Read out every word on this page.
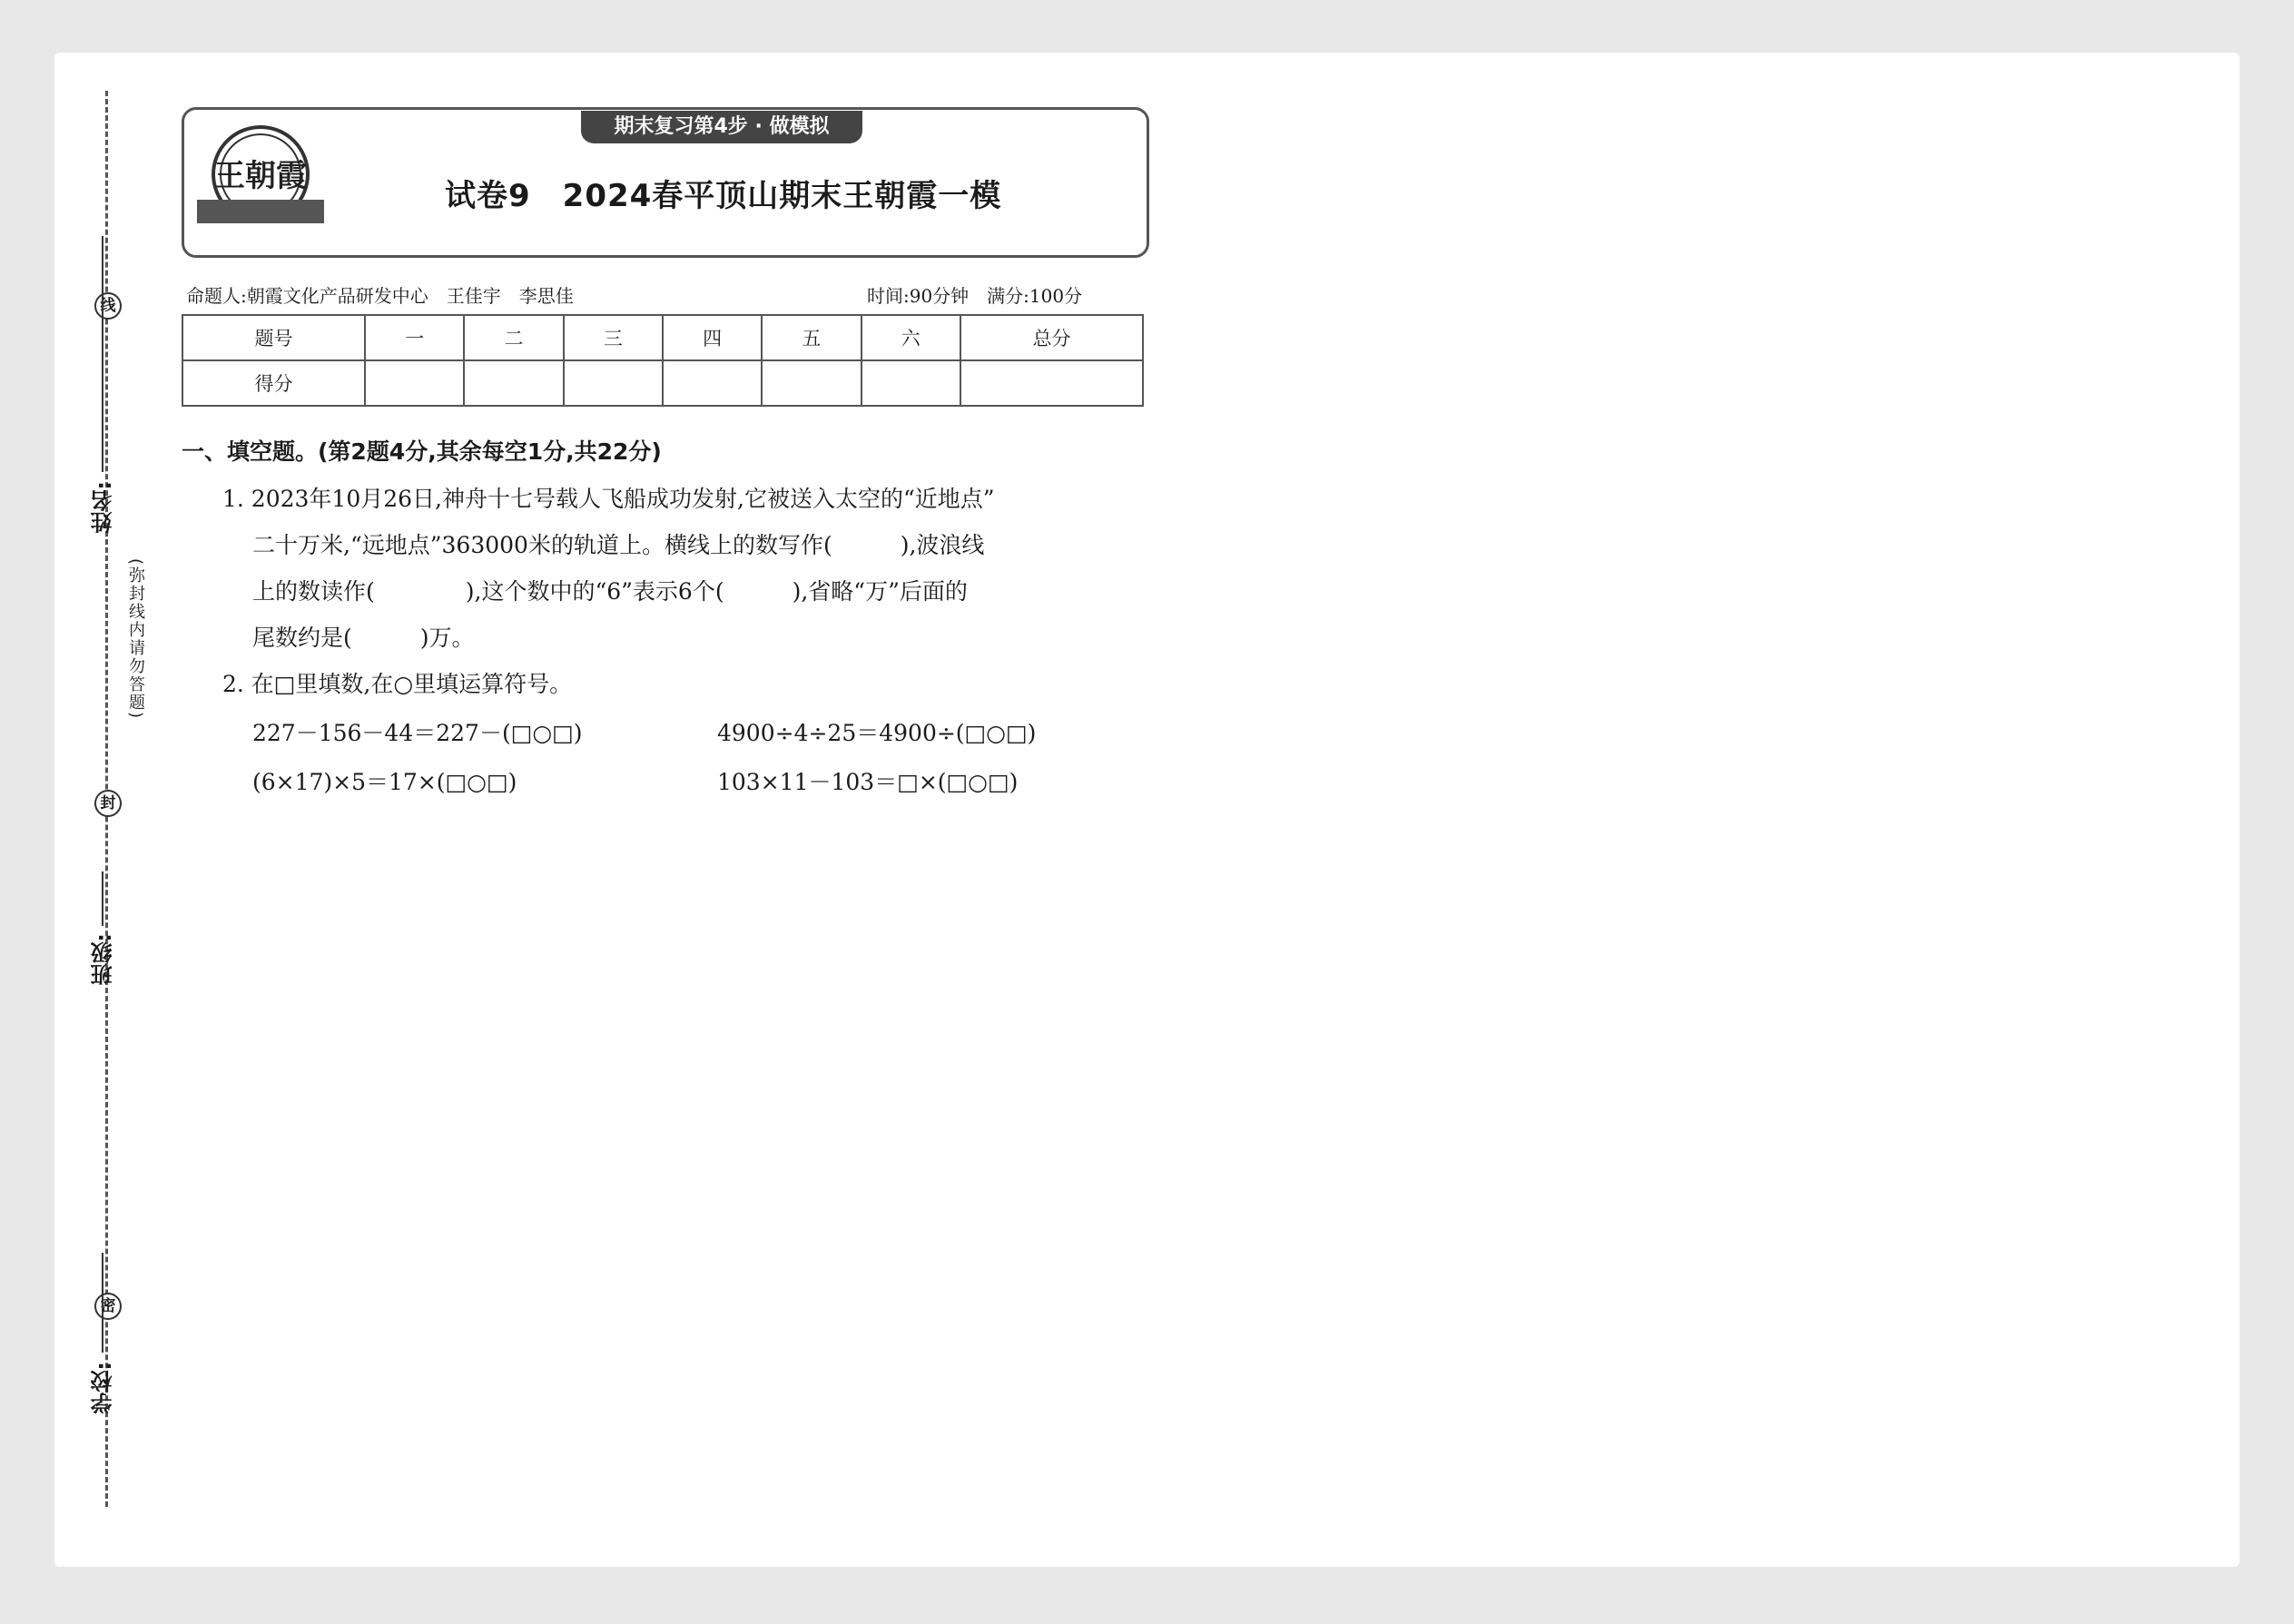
线
封
密
姓名:
班级:
学校:
(弥封线内请勿答题)
期末复习第4步 · 做模拟
王朝霞
试卷9　2024春平顶山期末王朝霞一模
命题人:朝霞文化产品研发中心　王佳宇　李思佳	时间:90分钟　满分:100分
题号	一	二	三	四	五	六	总分
得分							
一、填空题。(第2题4分,其余每空1分,共22分)
1. 2023年10月26日,神舟十七号载人飞船成功发射,它被送入太空的“近地点”
二十万米,“远地点”363000米的轨道上。横线上的数写作(　　　),波浪线
上的数读作(　　　　),这个数中的“6”表示6个(　　　),省略“万”后面的
尾数约是(　　　)万。
2. 在□里填数,在○里填运算符号。
227－156－44＝227－(□○□)	4900÷4÷25＝4900÷(□○□)
(6×17)×5＝17×(□○□)	103×11－103＝□×(□○□)
